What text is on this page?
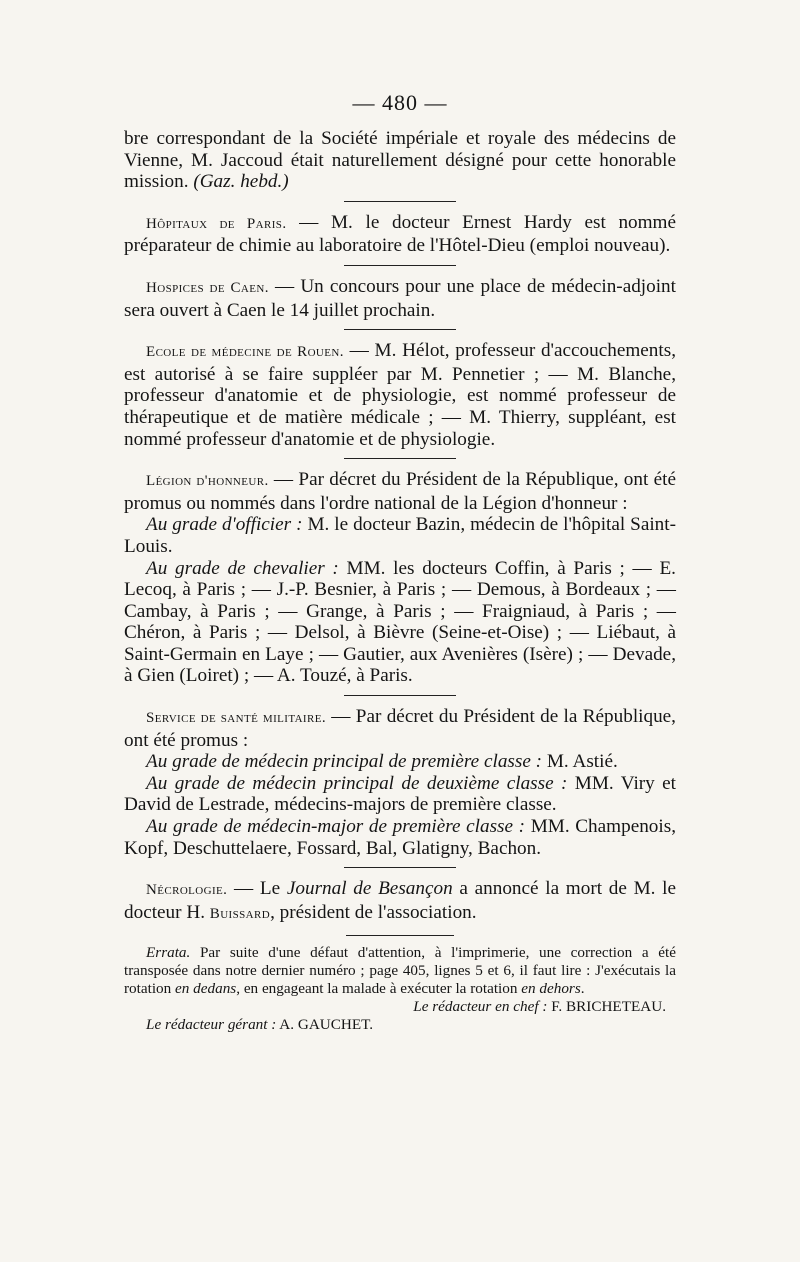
— 480 —

bre correspondant de la Société impériale et royale des médecins de Vienne, M. Jaccoud était naturellement désigné pour cette honorable mission. (Gaz. hebd.)

Hôpitaux de Paris. — M. le docteur Ernest Hardy est nommé préparateur de chimie au laboratoire de l'Hôtel-Dieu (emploi nouveau).

Hospices de Caen. — Un concours pour une place de médecin-adjoint sera ouvert à Caen le 14 juillet prochain.

Ecole de médecine de Rouen. — M. Hélot, professeur d'accouchements, est autorisé à se faire suppléer par M. Pennetier ; — M. Blanche, professeur d'anatomie et de physiologie, est nommé professeur de thérapeutique et de matière médicale ; — M. Thierry, suppléant, est nommé professeur d'anatomie et de physiologie.

Légion d'honneur. — Par décret du Président de la République, ont été promus ou nommés dans l'ordre national de la Légion d'honneur :

Au grade d'officier : M. le docteur Bazin, médecin de l'hôpital Saint-Louis.

Au grade de chevalier : MM. les docteurs Coffin, à Paris ; — E. Lecoq, à Paris ; — J.-P. Besnier, à Paris ; — Demous, à Bordeaux ; — Cambay, à Paris ; — Grange, à Paris ; — Fraigniaud, à Paris ; — Chéron, à Paris ; — Delsol, à Bièvre (Seine-et-Oise) ; — Liébaut, à Saint-Germain en Laye ; — Gautier, aux Avenières (Isère) ; — Devade, à Gien (Loiret) ; — A. Touzé, à Paris.

Service de santé militaire. — Par décret du Président de la République, ont été promus :

Au grade de médecin principal de première classe : M. Astié.

Au grade de médecin principal de deuxième classe : MM. Viry et David de Lestrade, médecins-majors de première classe.

Au grade de médecin-major de première classe : MM. Champenois, Kopf, Deschuttelaere, Fossard, Bal, Glatigny, Bachon.

Nécrologie. — Le Journal de Besançon a annoncé la mort de M. le docteur H. Buissard, président de l'association.

Errata. Par suite d'une défaut d'attention, à l'imprimerie, une correction a été transposée dans notre dernier numéro ; page 405, lignes 5 et 6, il faut lire : J'exécutais la rotation en dedans, en engageant la malade à exécuter la rotation en dehors.

Le rédacteur en chef : F. BRICHETEAU.

Le rédacteur gérant : A. GAUCHET.
